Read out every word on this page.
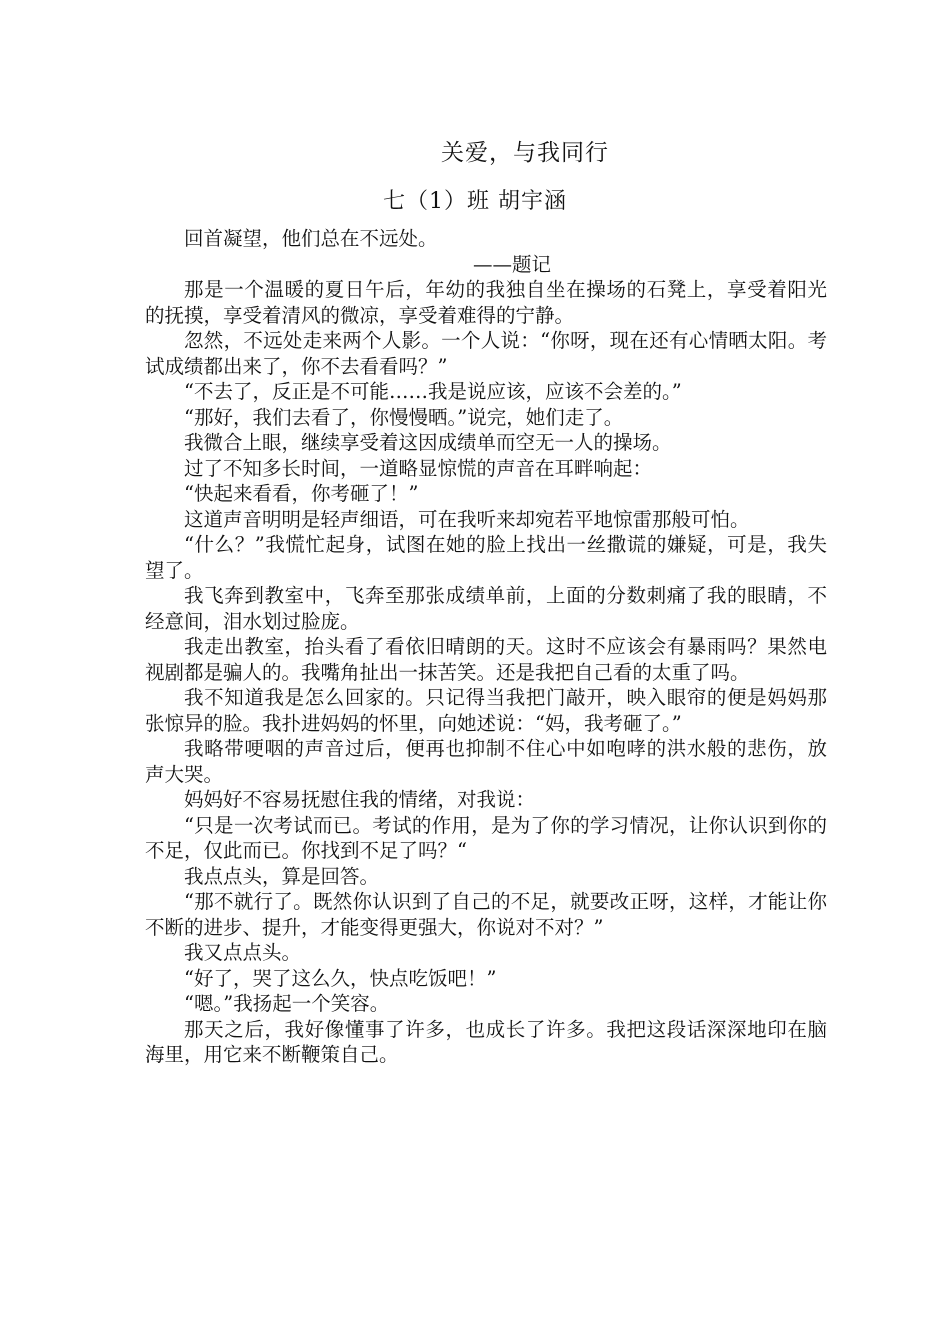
关爱，与我同行
七（1）班 胡宇涵

回首凝望，他们总在不远处。

——题记

那是一个温暖的夏日午后，年幼的我独自坐在操场的石凳上，享受着阳光的抚摸，享受着清风的微凉，享受着难得的宁静。

忽然，不远处走来两个人影。一个人说：“你呀，现在还有心情晒太阳。考试成绩都出来了，你不去看看吗？”

“不去了，反正是不可能……我是说应该，应该不会差的。”

“那好，我们去看了，你慢慢晒。”说完，她们走了。

我微合上眼，继续享受着这因成绩单而空无一人的操场。

过了不知多长时间，一道略显惊慌的声音在耳畔响起：

“快起来看看，你考砸了！”

这道声音明明是轻声细语，可在我听来却宛若平地惊雷那般可怕。

“什么？”我慌忙起身，试图在她的脸上找出一丝撒谎的嫌疑，可是，我失望了。

我飞奔到教室中，飞奔至那张成绩单前，上面的分数刺痛了我的眼睛，不经意间，泪水划过脸庞。

我走出教室，抬头看了看依旧晴朗的天。这时不应该会有暴雨吗？果然电视剧都是骗人的。我嘴角扯出一抹苦笑。还是我把自己看的太重了吗。

我不知道我是怎么回家的。只记得当我把门敲开，映入眼帘的便是妈妈那张惊异的脸。我扑进妈妈的怀里，向她述说：“妈，我考砸了。”

我略带哽咽的声音过后，便再也抑制不住心中如咆哮的洪水般的悲伤，放声大哭。

妈妈好不容易抚慰住我的情绪，对我说：

“只是一次考试而已。考试的作用，是为了你的学习情况，让你认识到你的不足，仅此而已。你找到不足了吗？“

我点点头，算是回答。

“那不就行了。既然你认识到了自己的不足，就要改正呀，这样，才能让你不断的进步、提升，才能变得更强大，你说对不对？”

我又点点头。

“好了，哭了这么久，快点吃饭吧！”

“嗯。”我扬起一个笑容。

那天之后，我好像懂事了许多，也成长了许多。我把这段话深深地印在脑海里，用它来不断鞭策自己。
